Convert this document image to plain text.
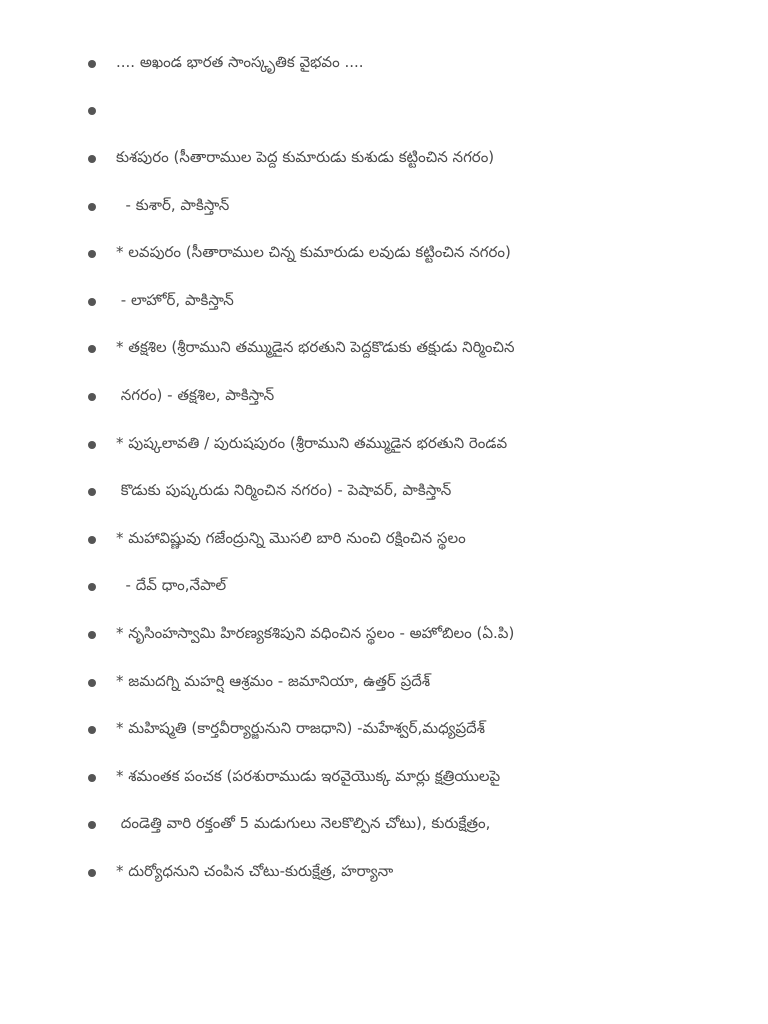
.... అఖండ భారత సాంస్కృతిక వైభవం ....
కుశపురం (సీతారాముల పెద్ద కుమారుడు కుశుడు కట్టించిన నగరం)
- కుశార్, పాకిస్తాన్
* లవపురం (సీతారాముల చిన్న కుమారుడు లవుడు కట్టించిన నగరం)
- లాహోర్, పాకిస్తాన్
* తక్షశిల (శ్రీరాముని తమ్ముడైన భరతుని పెద్దకొడుకు తక్షుడు నిర్మించిన
నగరం) - తక్షశిల, పాకిస్తాన్
* పుష్కలావతి / పురుషపురం (శ్రీరాముని తమ్ముడైన భరతుని రెండవ
కొడుకు పుష్కరుడు నిర్మించిన నగరం) - పెషావర్, పాకిస్తాన్
* మహావిష్ణువు గజేంద్రున్ని మొసలి బారి నుంచి రక్షించిన స్థలం
- దేవ్ ధాం,నేపాల్
* నృసింహస్వామి హిరణ్యకశిపుని వధించిన స్థలం - అహోబిలం (ఏ.పి)
* జమదగ్ని మహర్షి ఆశ్రమం - జమానియా, ఉత్తర్ ప్రదేశ్
* మహిష్మతి (కార్తవీర్యార్జునుని రాజధాని) -మహేశ్వర్,మధ్యప్రదేశ్
* శమంతక పంచక (పరశురాముడు ఇరవైయొక్క మార్లు క్షత్రియులపై
దండెత్తి వారి రక్తంతో 5 మడుగులు నెలకొల్పిన చోటు), కురుక్షేత్రం,
* దుర్యోధనుని చంపిన చోటు-కురుక్షేత్ర, హర్యానా
